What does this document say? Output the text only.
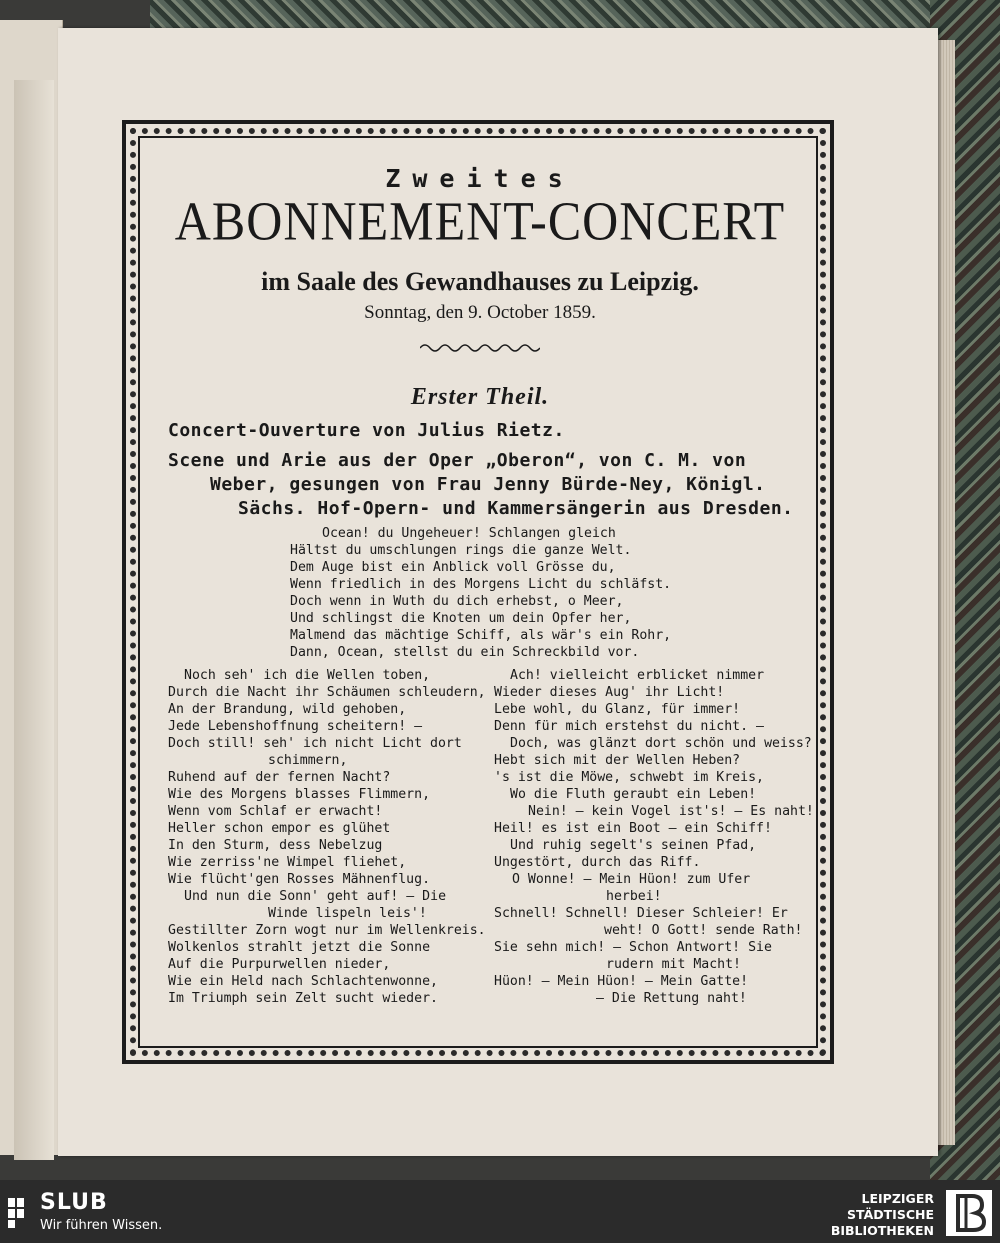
Zweites
ABONNEMENT-CONCERT
im Saale des Gewandhauses zu Leipzig.
Sonntag, den 9. October 1859.
Erster Theil.
Concert-Ouverture von Julius Rietz.
Scene und Arie aus der Oper „Oberon“, von C. M. von
Weber, gesungen von Frau Jenny Bürde-Ney, Königl.
Sächs. Hof-Opern- und Kammersängerin aus Dresden.
Ocean! du Ungeheuer! Schlangen gleich
Hältst du umschlungen rings die ganze Welt.
Dem Auge bist ein Anblick voll Grösse du,
Wenn friedlich in des Morgens Licht du schläfst.
Doch wenn in Wuth du dich erhebst, o Meer,
Und schlingst die Knoten um dein Opfer her,
Malmend das mächtige Schiff, als wär's ein Rohr,
Dann, Ocean, stellst du ein Schreckbild vor.
Noch seh' ich die Wellen toben,
Durch die Nacht ihr Schäumen schleudern,
An der Brandung, wild gehoben,
Jede Lebenshoffnung scheitern! —
Doch still! seh' ich nicht Licht dort
schimmern,
Ruhend auf der fernen Nacht?
Wie des Morgens blasses Flimmern,
Wenn vom Schlaf er erwacht!
Heller schon empor es glühet
In den Sturm, dess Nebelzug
Wie zerriss'ne Wimpel fliehet,
Wie flücht'gen Rosses Mähnenflug.
Und nun die Sonn' geht auf! — Die
Winde lispeln leis'!
Gestillter Zorn wogt nur im Wellenkreis.
Wolkenlos strahlt jetzt die Sonne
Auf die Purpurwellen nieder,
Wie ein Held nach Schlachtenwonne,
Im Triumph sein Zelt sucht wieder.
Ach! vielleicht erblicket nimmer
Wieder dieses Aug' ihr Licht!
Lebe wohl, du Glanz, für immer!
Denn für mich erstehst du nicht. —
Doch, was glänzt dort schön und weiss?
Hebt sich mit der Wellen Heben?
's ist die Möwe, schwebt im Kreis,
Wo die Fluth geraubt ein Leben!
Nein! — kein Vogel ist's! — Es naht!
Heil! es ist ein Boot — ein Schiff!
Und ruhig segelt's seinen Pfad,
Ungestört, durch das Riff.
O Wonne! — Mein Hüon! zum Ufer
herbei!
Schnell! Schnell! Dieser Schleier! Er
weht! O Gott! sende Rath!
Sie sehn mich! — Schon Antwort! Sie
rudern mit Macht!
Hüon! — Mein Hüon! — Mein Gatte!
— Die Rettung naht!
SLUB
Wir führen Wissen.
LEIPZIGER
STÄDTISCHE
BIBLIOTHEKEN
